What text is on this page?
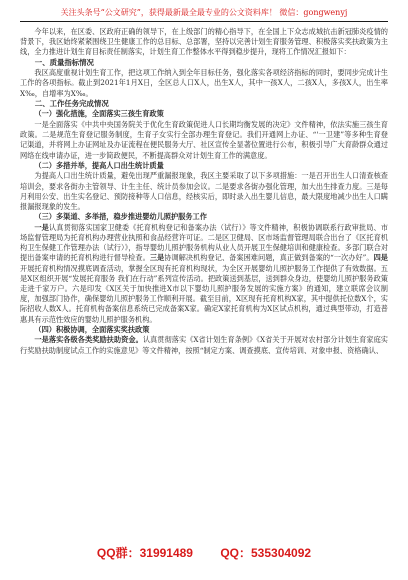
关注头条号“公文研究”，获得最新最全最专业的公文资料库！ 微信：gongwenyj

今年以来，在区委、区政府正确的领导下，在上级部门的精心指导下，在全国上下众志成城抗击新冠肺炎疫情的背景下，我区始终紧紧围绕卫生健康工作的总目标、总部署，坚持以完善计划生育服务管理、积极落实奖扶政策为主线，全力推进计划生育目标责任制落实，计划生育工作整体水平得到稳步提升，现将工作情况汇报如下：

一、质量指标情况

我区高度重视计划生育工作，把这项工作纳入到全年目标任务，强化落实各项经济指标的同时，要同步完成计生工作的各项指标。截止到2021年1月X日，全区总人口X人，出生X人，其中一孩X人，二孩X人，多孩X人，出生率X‰，自增率为X‰。

二、工作任务完成情况
（一）强化措施，全面落实三孩生育政策

一是全面落实《中共中央国务院关于优化生育政策促进人口长期均衡发展的决定》文件精神，依法实施三孩生育政策。二是规范生育登记服务制度，生育子女实行全部办理生育登记。我们开通网上办证、“'一卫建”等多种生育登记渠道，并将网上办证网址及办证流程在便民服务大厅、社区宣传全显著位置进行公布，积极引导广大育龄群众通过网络在线申请办证，进一步简政便民，不断提高群众对计划生育工作的满意度。

（二）多措并举，提高人口出生统计质量

为提高人口出生统计质量，避免出现严重漏报现象，我区主要采取了以下多项措施：一是召开出生人口清查核查培训会，要求各街办主管领导、计生主任、统计员参加会议。二是要求各街办强化管理，加大出生排查力度。三是每月利用公安、出生实名登记、预防接种等人口信息，经核实后，即时录入出生婴儿信息，最大限度地减少出生人口瞒报漏报现象的发生。

（三）多渠道、多举措，稳步推进婴幼儿照护服务工作

一是认真贯彻落实国家卫健委《托育机构登记和备案办法（试行）》等文件精神，积极协调联系行政审批局、市场监督管理局为托育机构办理营业执照和食品经营许可证。二是区卫健局、区市场监督管理局联合出台了《区托育机构卫生保健工作管理办法（试行）》，指导婴幼儿照护服务机构从业人员开展卫生保健培训和健康检查。多部门联合对提出备案申请的托育机构进行督导检查。三是协调解决机构登记、备案困难问题，真正做到备案的“一次办好”。四是开展托育机构情况摸底调查活动，掌握全区现有托育机构现状，为全区开展婴幼儿照护服务工作提供了有效数据。五是X区组织开展“发展托育服务 我们在行动”系列宣传活动。把政策送到基层，送到群众身边，使婴幼儿照护服务政策走进千家万户。六是印发《X区关于加快推进X市以下婴幼儿照护服务发展的实施方案》的通知，建立联席会议制度，加强部门协作，确保婴幼儿照护服务工作顺利开展。截至目前，X区现有托育机构X家，其中提供托位数X个，实际招收人数X人。托育机构备案信息系统已完成备案X家。确定X家托育机构为X区试点机构，通过典型带动，打造普惠具有示范性效应的婴幼儿照护服务机构。

（四）积极协调，全面落实奖扶政策

一是落实各级各类奖励扶助资金。认真贯彻落实《X省计划生育条例》《X省关于开展对农村部分计划生育家庭实行奖励扶助制度试点工作的实施意见》等文件精神，按照“制定方案、调查摸底、宣传培训、对象申报、资格确认、

QQ群：31991489 QQ：535304092
